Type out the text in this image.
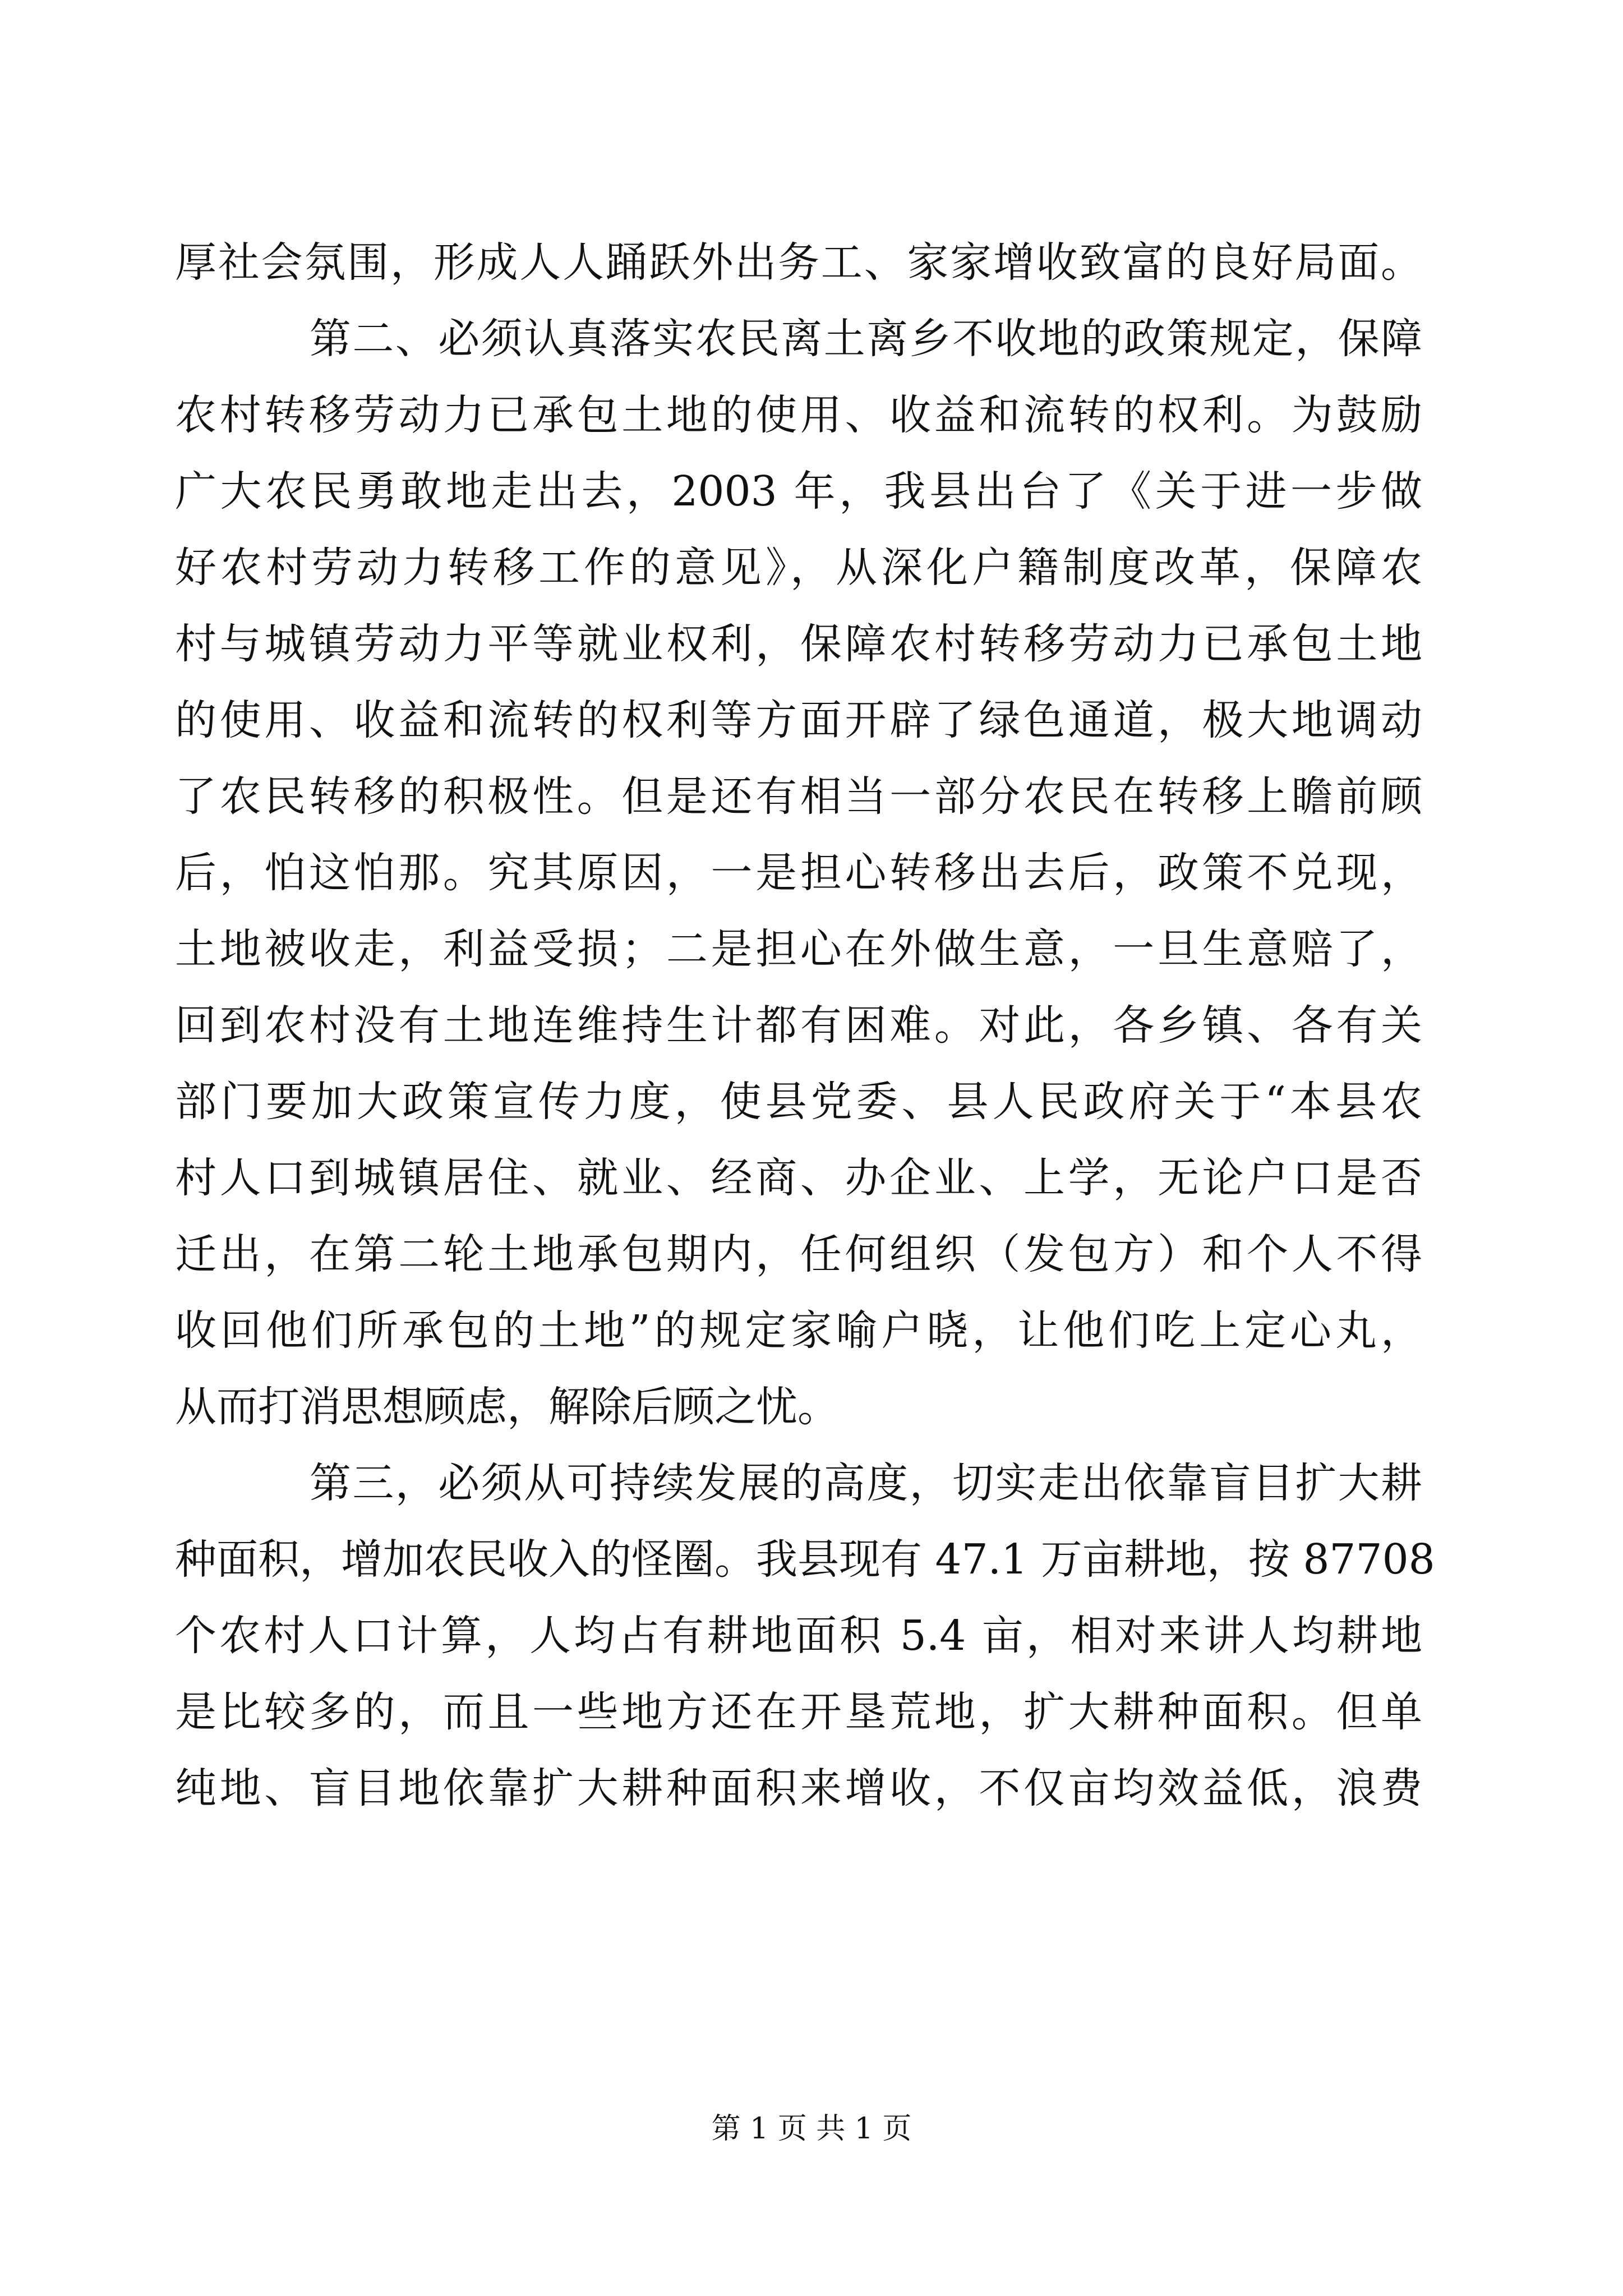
厚社会氛围，形成人人踊跃外出务工、家家增收致富的良好局面。
第二、必须认真落实农民离土离乡不收地的政策规定，保障
农村转移劳动力已承包土地的使用、收益和流转的权利。为鼓励
广大农民勇敢地走出去，2003 年，我县出台了《关于进一步做
好农村劳动力转移工作的意见》，从深化户籍制度改革，保障农
村与城镇劳动力平等就业权利，保障农村转移劳动力已承包土地
的使用、收益和流转的权利等方面开辟了绿色通道，极大地调动
了农民转移的积极性。但是还有相当一部分农民在转移上瞻前顾
后，怕这怕那。究其原因，一是担心转移出去后，政策不兑现，
土地被收走，利益受损；二是担心在外做生意，一旦生意赔了，
回到农村没有土地连维持生计都有困难。对此，各乡镇、各有关
部门要加大政策宣传力度，使县党委、县人民政府关于“本县农
村人口到城镇居住、就业、经商、办企业、上学，无论户口是否
迁出，在第二轮土地承包期内，任何组织（发包方）和个人不得
收回他们所承包的土地”的规定家喻户晓，让他们吃上定心丸，
从而打消思想顾虑，解除后顾之忧。
第三，必须从可持续发展的高度，切实走出依靠盲目扩大耕
种面积，增加农民收入的怪圈。我县现有 47.1 万亩耕地，按 87708
个农村人口计算，人均占有耕地面积 5.4 亩，相对来讲人均耕地
是比较多的，而且一些地方还在开垦荒地，扩大耕种面积。但单
纯地、盲目地依靠扩大耕种面积来增收，不仅亩均效益低，浪费
第 1 页 共 1 页
